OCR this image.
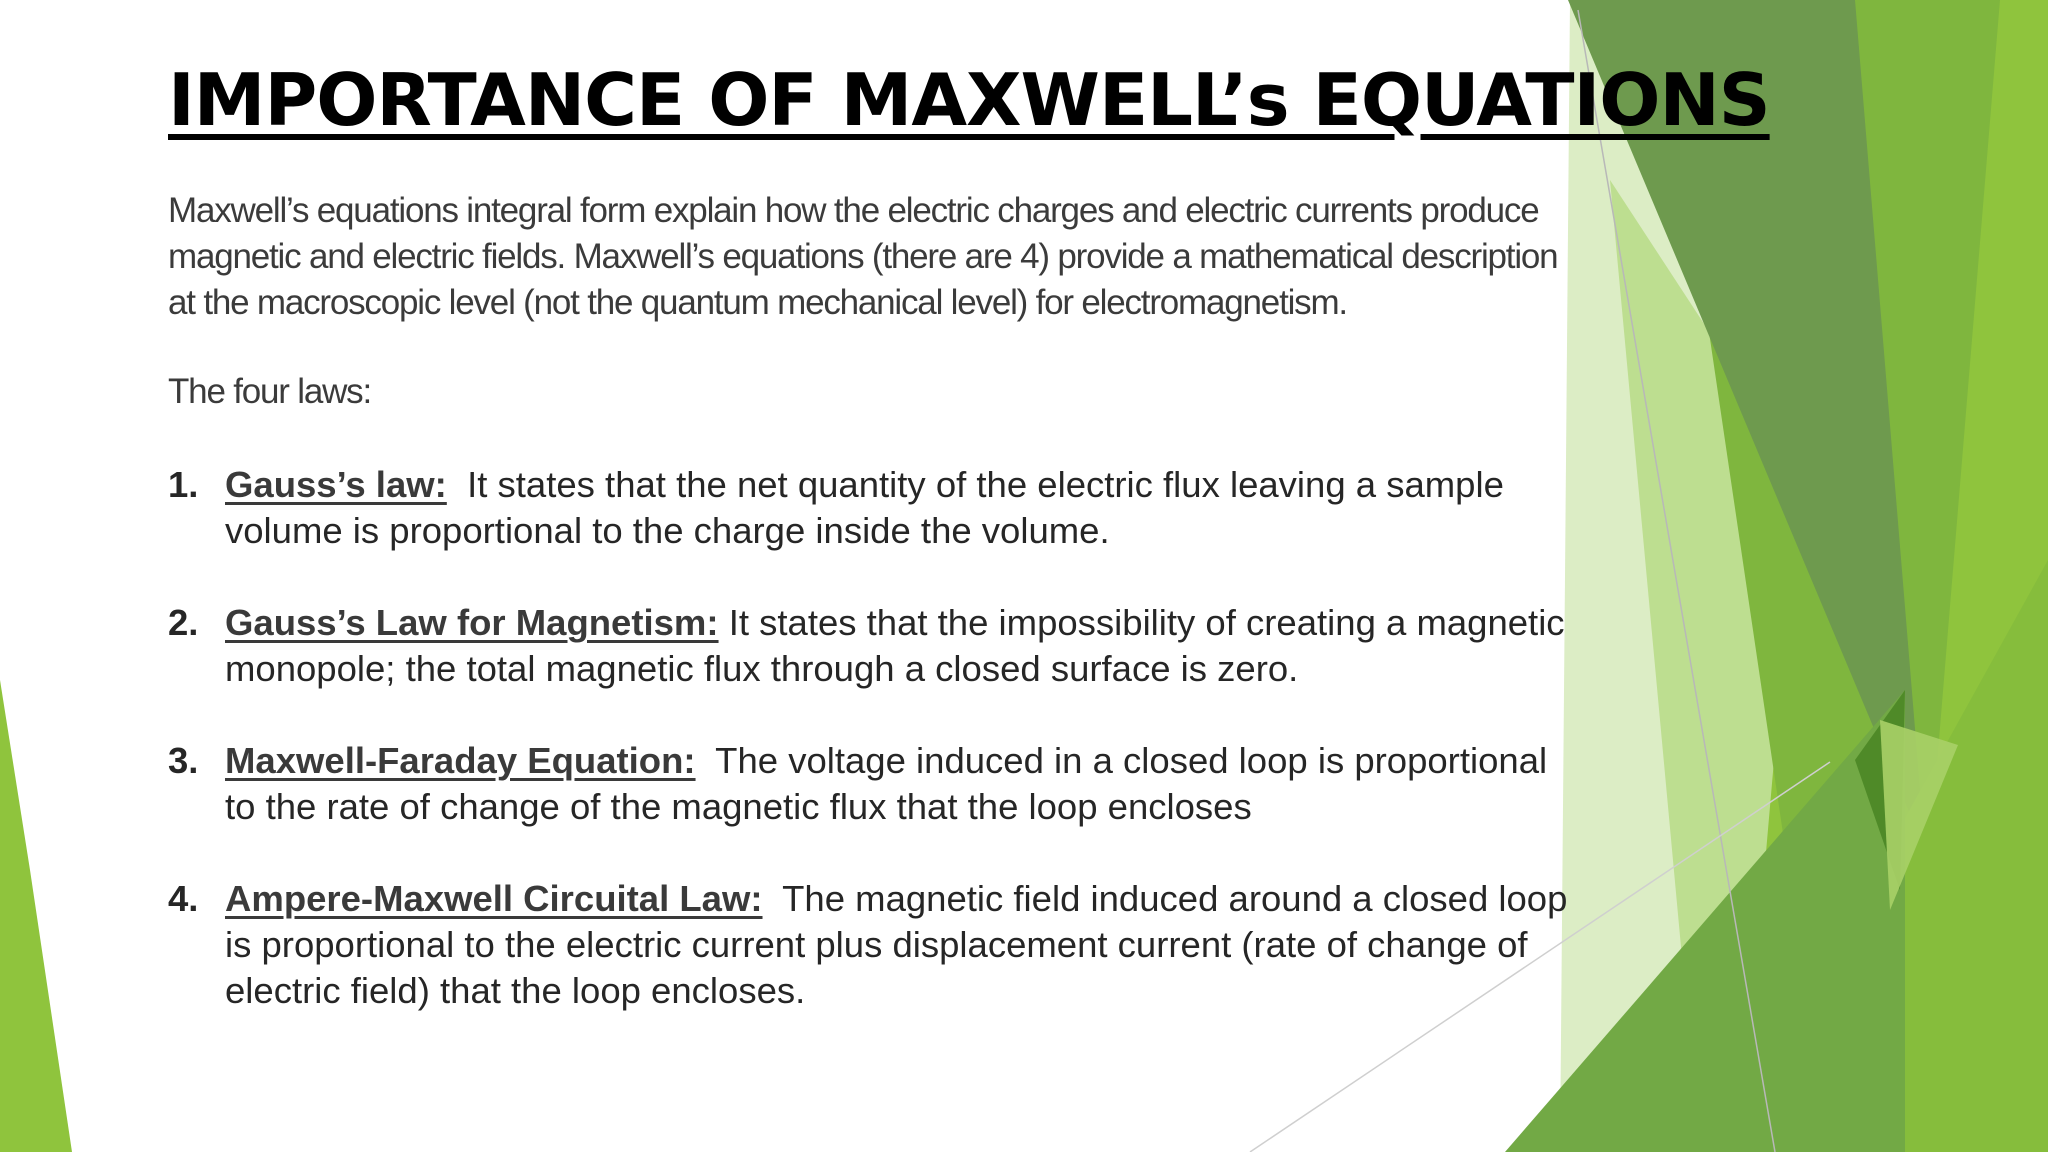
IMPORTANCE OF MAXWELL’s EQUATIONS

Maxwell’s equations integral form explain how the electric charges and electric currents produce magnetic and electric fields. Maxwell’s equations (there are 4) provide a mathematical description at the macroscopic level (not the quantum mechanical level) for electromagnetism.

The four laws:

1. Gauss’s law: It states that the net quantity of the electric flux leaving a sample volume is proportional to the charge inside the volume.
2. Gauss’s Law for Magnetism: It states that the impossibility of creating a magnetic monopole; the total magnetic flux through a closed surface is zero.
3. Maxwell-Faraday Equation: The voltage induced in a closed loop is proportional to the rate of change of the magnetic flux that the loop encloses
4. Ampere-Maxwell Circuital Law: The magnetic field induced around a closed loop is proportional to the electric current plus displacement current (rate of change of electric field) that the loop encloses.
